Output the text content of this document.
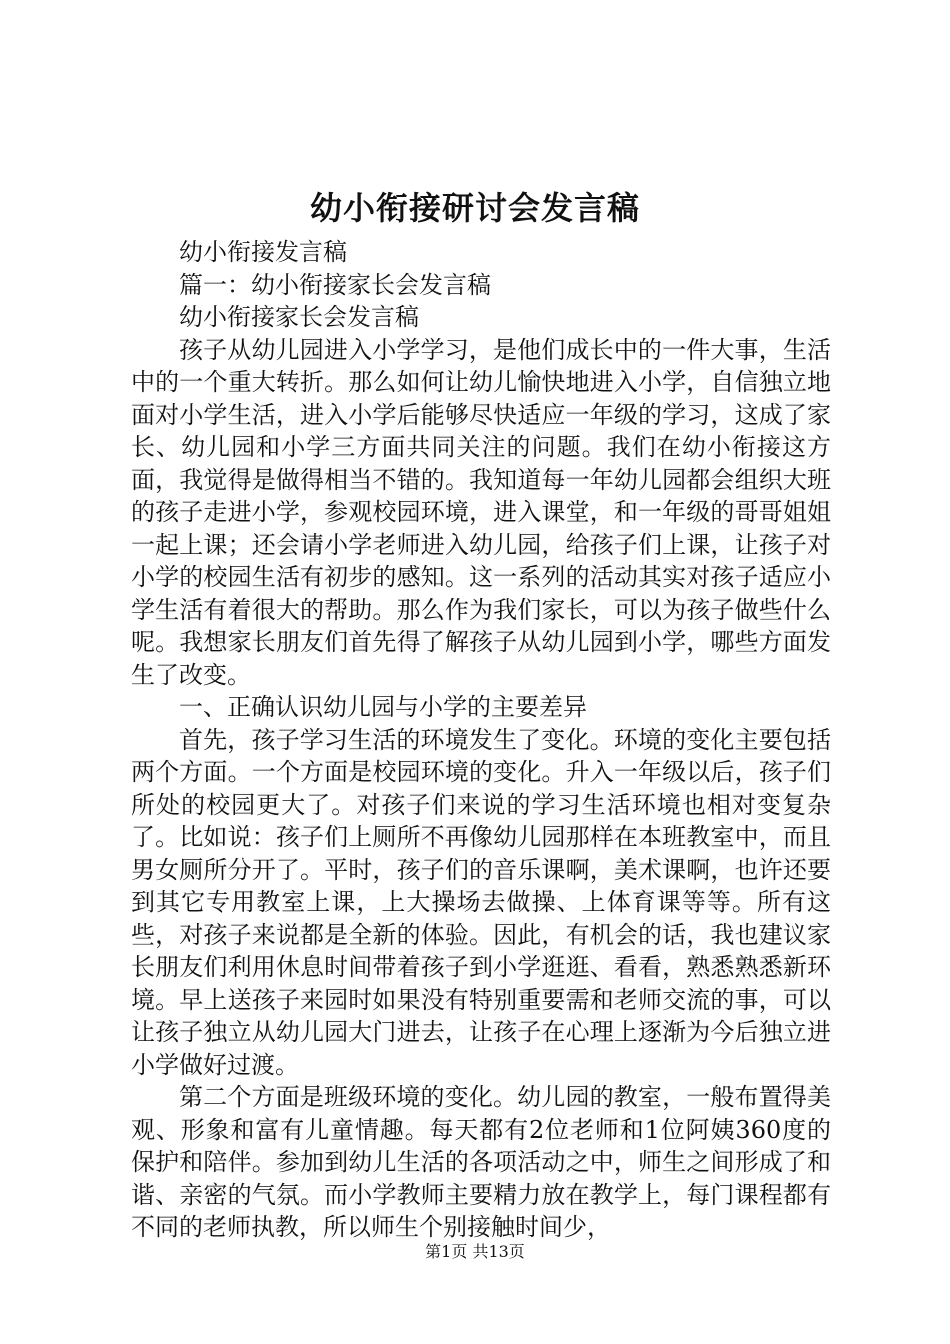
幼小衔接研讨会发言稿

幼小衔接发言稿

篇一：幼小衔接家长会发言稿

幼小衔接家长会发言稿

孩子从幼儿园进入小学学习，是他们成长中的一件大事，生活中的一个重大转折。那么如何让幼儿愉快地进入小学，自信独立地面对小学生活，进入小学后能够尽快适应一年级的学习，这成了家长、幼儿园和小学三方面共同关注的问题。我们在幼小衔接这方面，我觉得是做得相当不错的。我知道每一年幼儿园都会组织大班的孩子走进小学，参观校园环境，进入课堂，和一年级的哥哥姐姐一起上课；还会请小学老师进入幼儿园，给孩子们上课，让孩子对小学的校园生活有初步的感知。这一系列的活动其实对孩子适应小学生活有着很大的帮助。那么作为我们家长，可以为孩子做些什么呢。我想家长朋友们首先得了解孩子从幼儿园到小学，哪些方面发生了改变。

一、正确认识幼儿园与小学的主要差异

首先，孩子学习生活的环境发生了变化。环境的变化主要包括两个方面。一个方面是校园环境的变化。升入一年级以后，孩子们所处的校园更大了。对孩子们来说的学习生活环境也相对变复杂了。比如说：孩子们上厕所不再像幼儿园那样在本班教室中，而且男女厕所分开了。平时，孩子们的音乐课啊，美术课啊，也许还要到其它专用教室上课，上大操场去做操、上体育课等等。所有这些，对孩子来说都是全新的体验。因此，有机会的话，我也建议家长朋友们利用休息时间带着孩子到小学逛逛、看看，熟悉熟悉新环境。早上送孩子来园时如果没有特别重要需和老师交流的事，可以让孩子独立从幼儿园大门进去，让孩子在心理上逐渐为今后独立进小学做好过渡。

第二个方面是班级环境的变化。幼儿园的教室，一般布置得美观、形象和富有儿童情趣。每天都有2位老师和1位阿姨360度的保护和陪伴。参加到幼儿生活的各项活动之中，师生之间形成了和谐、亲密的气氛。而小学教师主要精力放在教学上，每门课程都有不同的老师执教，所以师生个别接触时间少，

第1页 共13页
